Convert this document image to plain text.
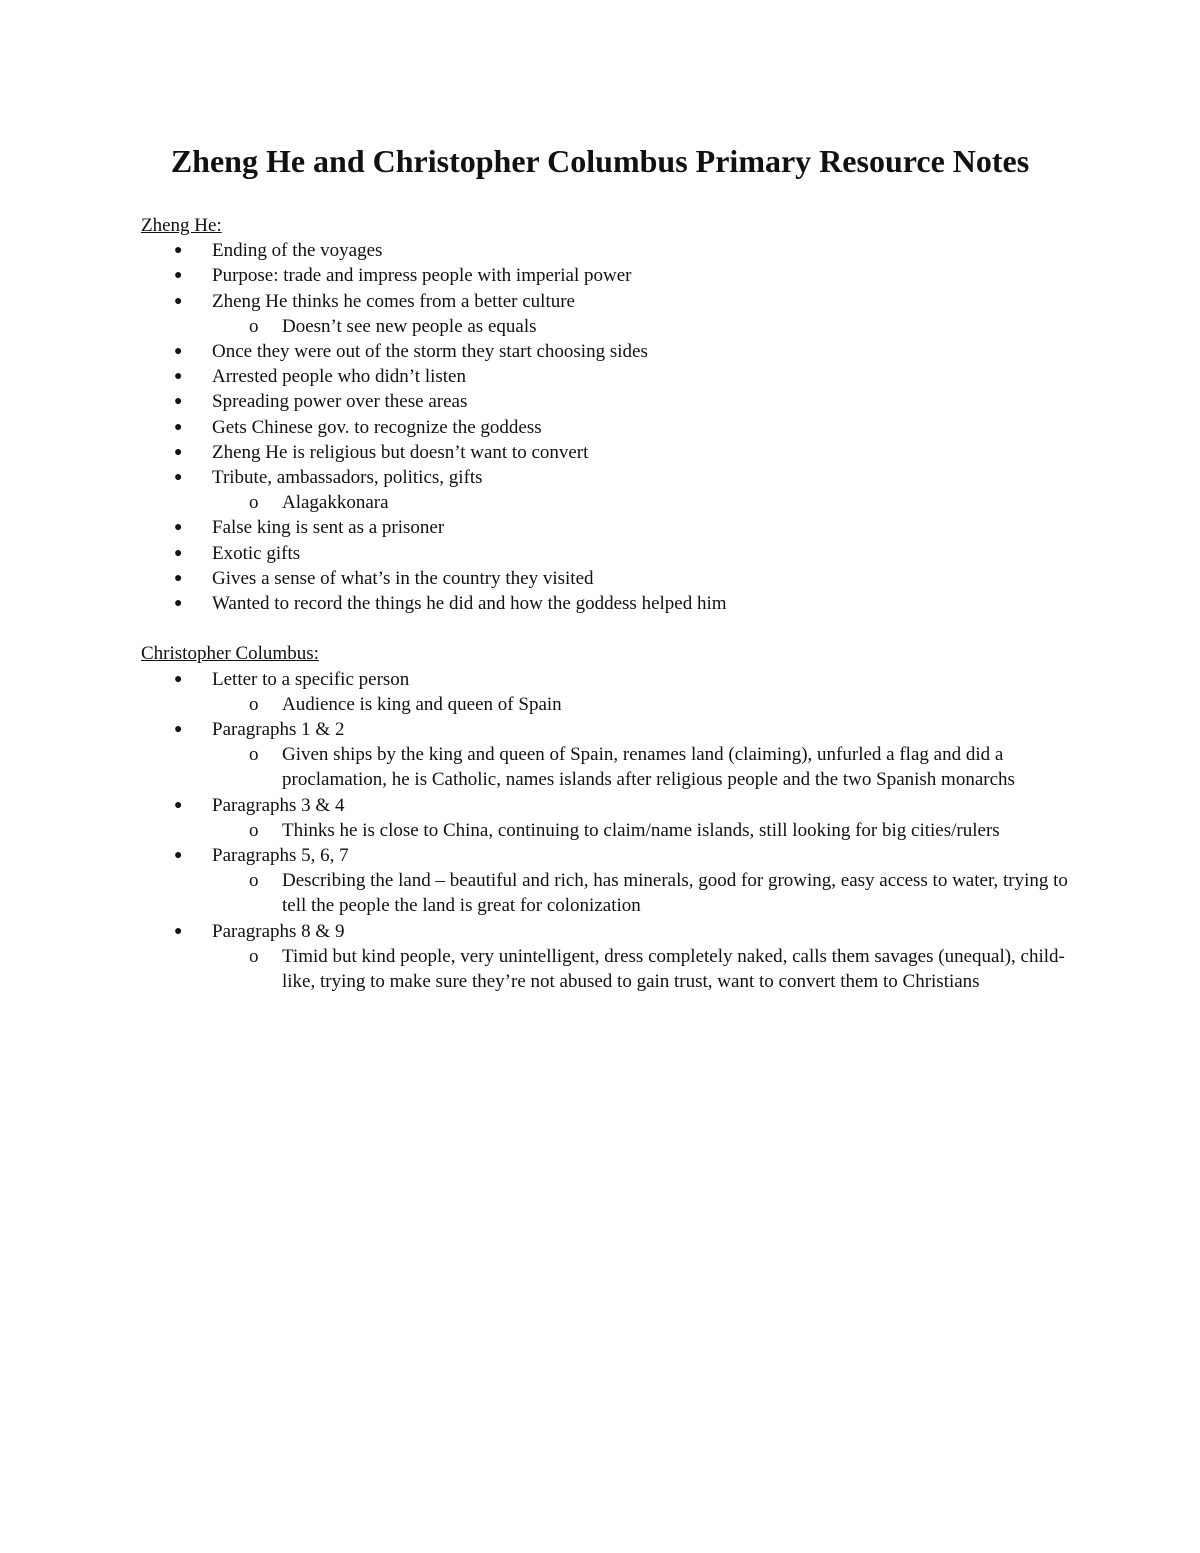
Zheng He and Christopher Columbus Primary Resource Notes
Zheng He:
●	Ending of the voyages
●	Purpose: trade and impress people with imperial power
●	Zheng He thinks he comes from a better culture
o	Doesn’t see new people as equals
●	Once they were out of the storm they start choosing sides
●	Arrested people who didn’t listen
●	Spreading power over these areas
●	Gets Chinese gov. to recognize the goddess
●	Zheng He is religious but doesn’t want to convert
●	Tribute, ambassadors, politics, gifts
o	Alagakkonara
●	False king is sent as a prisoner
●	Exotic gifts
●	Gives a sense of what’s in the country they visited
●	Wanted to record the things he did and how the goddess helped him
Christopher Columbus:
●	Letter to a specific person
o	Audience is king and queen of Spain
●	Paragraphs 1 & 2
o	Given ships by the king and queen of Spain, renames land (claiming), unfurled a flag and did a proclamation, he is Catholic, names islands after religious people and the two Spanish monarchs
●	Paragraphs 3 & 4
o	Thinks he is close to China, continuing to claim/name islands, still looking for big cities/rulers
●	Paragraphs 5, 6, 7
o	Describing the land – beautiful and rich, has minerals, good for growing, easy access to water, trying to tell the people the land is great for colonization
●	Paragraphs 8 & 9
o	Timid but kind people, very unintelligent, dress completely naked, calls them savages (unequal), child-like, trying to make sure they’re not abused to gain trust, want to convert them to Christians
